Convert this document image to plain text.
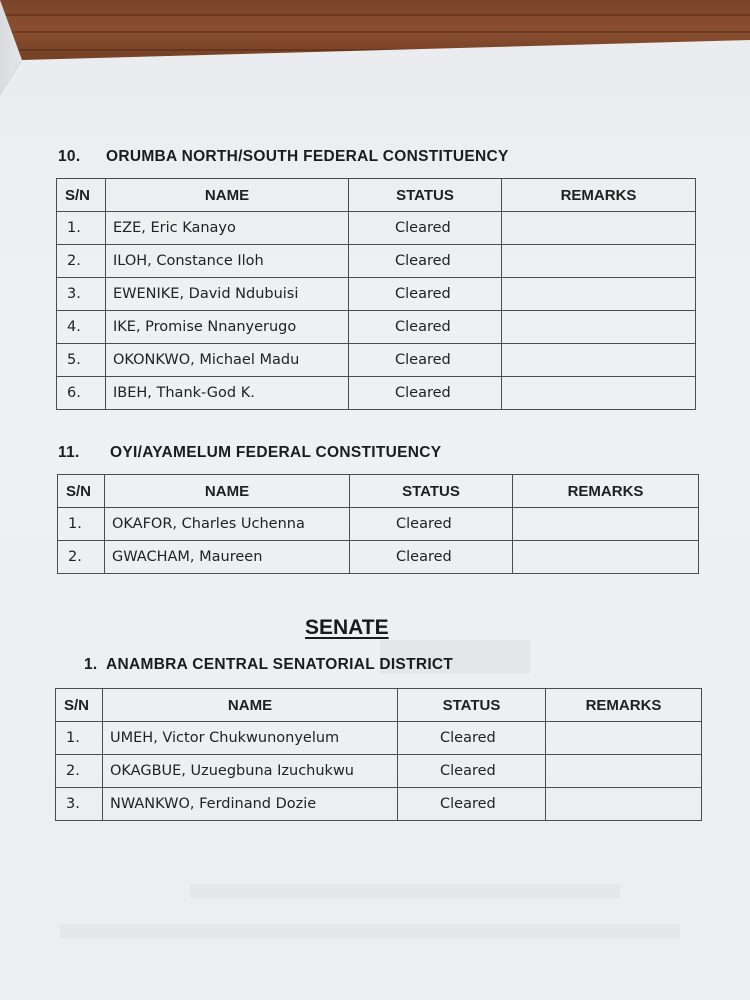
10. ORUMBA NORTH/SOUTH FEDERAL CONSTITUENCY
S/N	NAME	STATUS	REMARKS
1.	EZE, Eric Kanayo	Cleared	
2.	ILOH, Constance Iloh	Cleared	
3.	EWENIKE, David Ndubuisi	Cleared	
4.	IKE, Promise Nnanyerugo	Cleared	
5.	OKONKWO, Michael Madu	Cleared	
6.	IBEH, Thank-God K.	Cleared	
11. OYI/AYAMELUM FEDERAL CONSTITUENCY
S/N	NAME	STATUS	REMARKS
1.	OKAFOR, Charles Uchenna	Cleared	
2.	GWACHAM, Maureen	Cleared	
SENATE
1. ANAMBRA CENTRAL SENATORIAL DISTRICT
S/N	NAME	STATUS	REMARKS
1.	UMEH, Victor Chukwunonyelum	Cleared	
2.	OKAGBUE, Uzuegbuna Izuchukwu	Cleared	
3.	NWANKWO, Ferdinand Dozie	Cleared	
